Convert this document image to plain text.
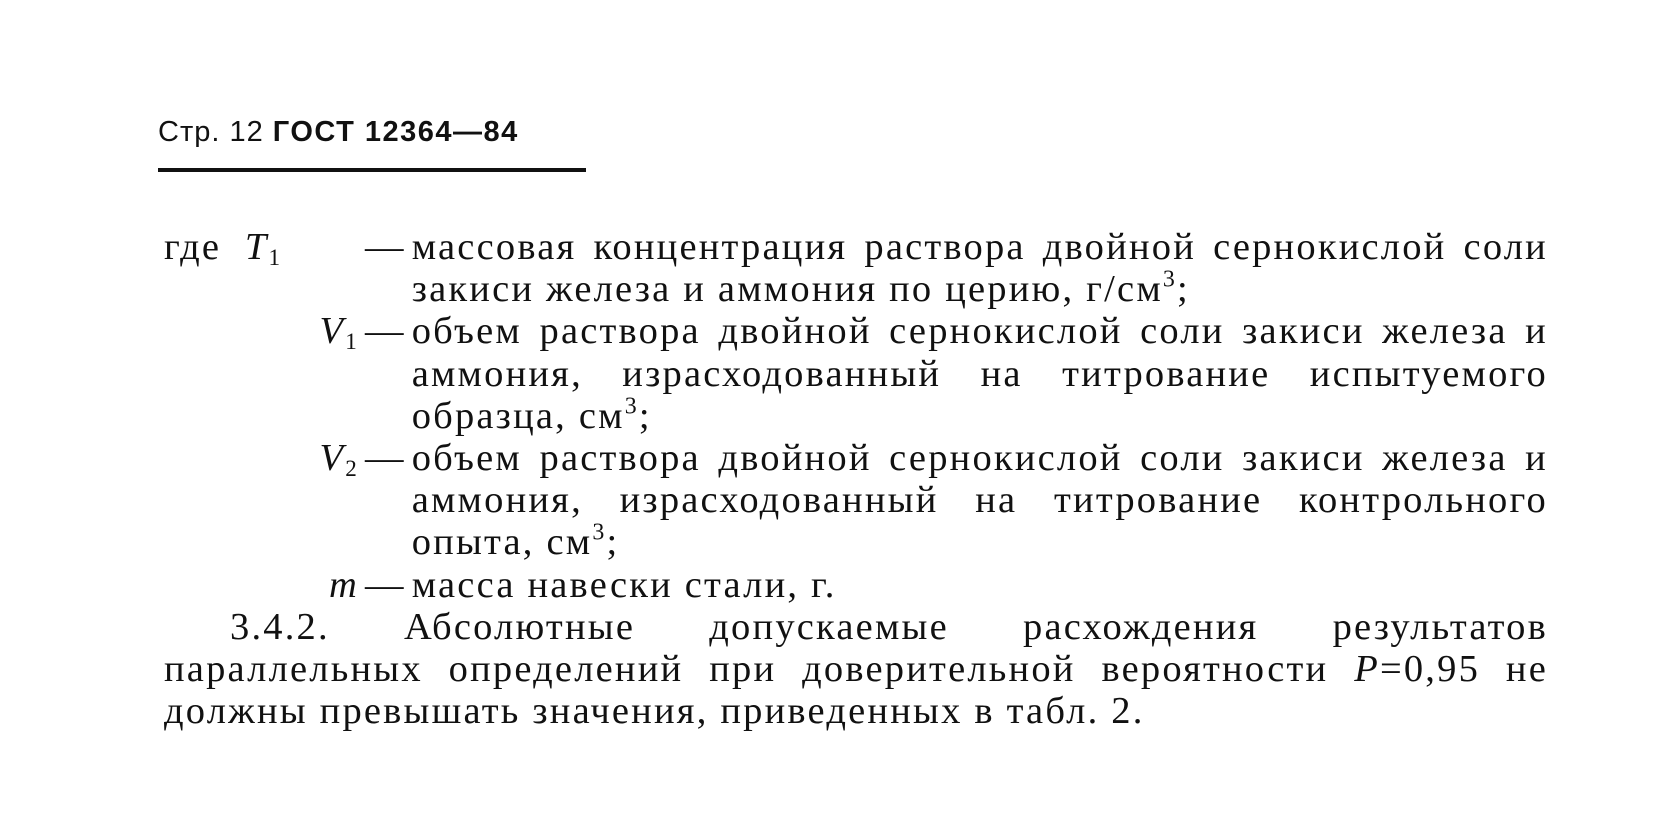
Стр. 12 ГОСТ 12364—84
где $T_1$	— массовая концентрация раствора двойной сернокислой соли закиси железа и аммония по церию, $г/см^3$;
$V_1$ — объем раствора двойной сернокислой соли закиси железа и аммония, израсходованный на титрование испытуемого образца, $см^3$;
$V_2$ — объем раствора двойной сернокислой соли закиси железа и аммония, израсходованный на титрование контрольного опыта, $см^3$;
m — масса навески стали, г.

3.4.2. Абсолютные допускаемые расхождения результатов параллельных определений при доверительной вероятности P=0,95 не должны превышать значения, приведенных в табл. 2.
